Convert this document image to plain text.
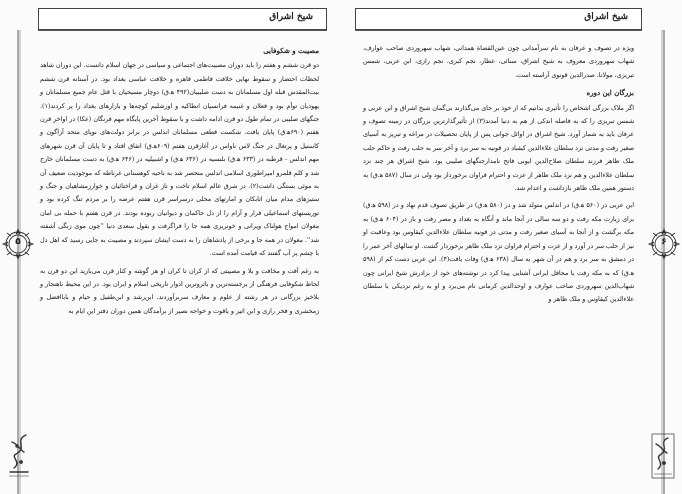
شیخ اشراق
۵
مصیبت و شکوفایی

دو قرن ششم و هفتم را باید دوران مصیبت‌های اجتماعی و سیاسی در جهان اسلام دانست. این دوران شاهد لحظات احتضار و سقوط نهایی خلافت فاطمی قاهره و خلافت عباسی بغداد بود. در آستانه قرن ششم بیت‌المقدس قبله اول مسلمانان به دست صلیبیان(۴۹۲ ه‍.ق) دوچار مسیحیان با قتل عام جمیع مسلمانان و یهودیان توأم بود و فعلان و غنیمه فرانسیان انطاکیه و اورشلیم کوچه‌ها و بازارهای بغداد را پر کردند(۱). جنگهای صلیبی در تمام طول دو قرن ادامه داشت و با سقوط آخرین پایگاه مهم فرنگان (عکا) در اواخر قرن هفتم (۶۹۰ه‍.ق) پایان یافت. شکست قطعی مسلمانان اندلس در برابر دولت‌های نوپای متحد آراگون و کاستیل و پرتغال در جنگ لاس ناواس در آغازقرن هفتم (۶۰۹ه‍.ق) اتفاق افتاد و تا پایان آن قرن شهرهای مهم اندلس - قرطبه در (۶۳۳ ه‍.ق) بلنسیه در (۶۳۶ ه‍.ق) و اشبیلیه در (۶۴۶ ه‍.ق) به دست مسلمانان خارج شد و کلم قلمرو امپراطوری اسلامی اندلس منحصر شد به ناحیه کوهستانی غرناطه که موجودیت ضعیف آن به موئی بستگی داشت(۲). در شرق عالم اسلام تاخت و تاز غزان و قراختائیان و خوارزمشاهیان و جنگ و ستیزهای مدام میان اتابکان و امارتهای محلی درسراسر قرن هفتم عرصه را بر مردم تنگ کرده بود و توریستهای اسماعیلی فرار و آرام را از دل حاکمان و دیوانیان ربوده بودند. در قرن هفتم با حمله بی امان مغولان امواج هولناک ویرانی و خونریزی همه جا را فراگرفت و بقول سعدی دنیا ''چون موی زنگی آشفته شد''. مغولان در همه جا و برخی از پادشاهان را به دست ایشان سپردند و مصیبت به جایی رسید که اهل دل با چشم پر آب گفتند که قیامت آمده است.

به رغم آفت و مخافت و بلا و مصیبتی که از کران تا کران او هر گوشه و کنار قرن می‌بارید این دو قرن به لحاظ شکوفایی فرهنگی از برجسته‌ترین و باثروترین ادوار تاریخی اسلام و ایران بود. در این محیط ناهنجار و بلاخیز بزرگانی در هر رشته از علوم و معارف سربرآوردند. ابن‌رشد و ابن‌طفیل و حیام و باباافضل و زمخشری و فخر رازی و ابن اثیر و یاقوت و خواجه نصیر از برآمدگان همین دوران دفتر این ایام به

شیخ اشراق
۶

ویژه در تصوف و عرفان به نام سرآمدانی چون عین‌القضاة همدانی، شهاب سهروردی صاحب عوارف، شهاب سهروردی معروف به شیخ اشراق، سنائی، عطار، نجم کبری، نجم رازی، ابن عربی، شمس تبریزی، مولانا، صدرالدین قونوی آراسته است.

بزرگان این دوره

اگر ملاک بزرگی اشخاص را تأثیری بدانیم که از خود بر جای می‌گذارند بی‌گمان شیخ اشراق و ابن عربی و شمس تبریزی را که به فاصله اندکی از هم به دنیا آمدند(۳) از تأثیرگذارترین بزرگان در زمینه تصوف و عرفان باید به شمار آورد. شیخ اشراق در اوائل جوانی پس از پایان تحصیلات در مراغه و تبریز به آسیای صغیر رفت و مدتی نزد سلطان علاءالدین کیقباد در قونیه به سر برد و آخر سر به حلب رفت و حاکم حلب ملک ظاهر فرزند سلطان صلاح‌الدین ایوبی فاتح نامدارجنگهای صلیبی بود. شیخ اشراق هر چند نزد سلطان علاءالدین و هم نزد ملک ظاهر از عزت و احترام فراوان برخوردار بود ولی در سال (۵۸۷ ه‍.ق) به دستور همین ملک ظاهر بازداشت و اعدام شد.

ابن عربی در (۵۶۰ ه‍.ق) در اندلس متولد شد و در (۵۸۰ ه‍.ق) در طریق تصوف قدم نهاد و در (۵۹۸ ه‍.ق) برای زیارت مکه رفت و دو سه سالی در آنجا ماند و آنگاه به بغداد و مصر رفت و باز در (۶۰۴ ه‍.ق) به مکه برگشت و از آنجا به آسیای صغیر رفت و مدتی در قونیه سلطان علاءالدین کیقاوس بود وعاقبت او نیز از حلب سر در آورد و از عزت و احترام فراوان نزد ملک ظاهر برخوردار گشت. او سالهای آخر عمر را در دمشق به سر برد و هم در آن شهر به سال (۶۳۸ ه‍.ق) وفات یافت(۴). ابن عربی دست کم از (۵۹۸ ه‍.ق) که به مکه رفت با محافل ایرانی آشنایی پیدا کرد در نوشته‌های خود از برادرش شیخ ایرانی چون شهاب‌الدین سهروردی صاحب عوارف و اوحدالدین کرمانی نام می‌برد و او به رغم نزدیکی با سلطان علاءالدین کیقاوس و ملک ظاهر و
